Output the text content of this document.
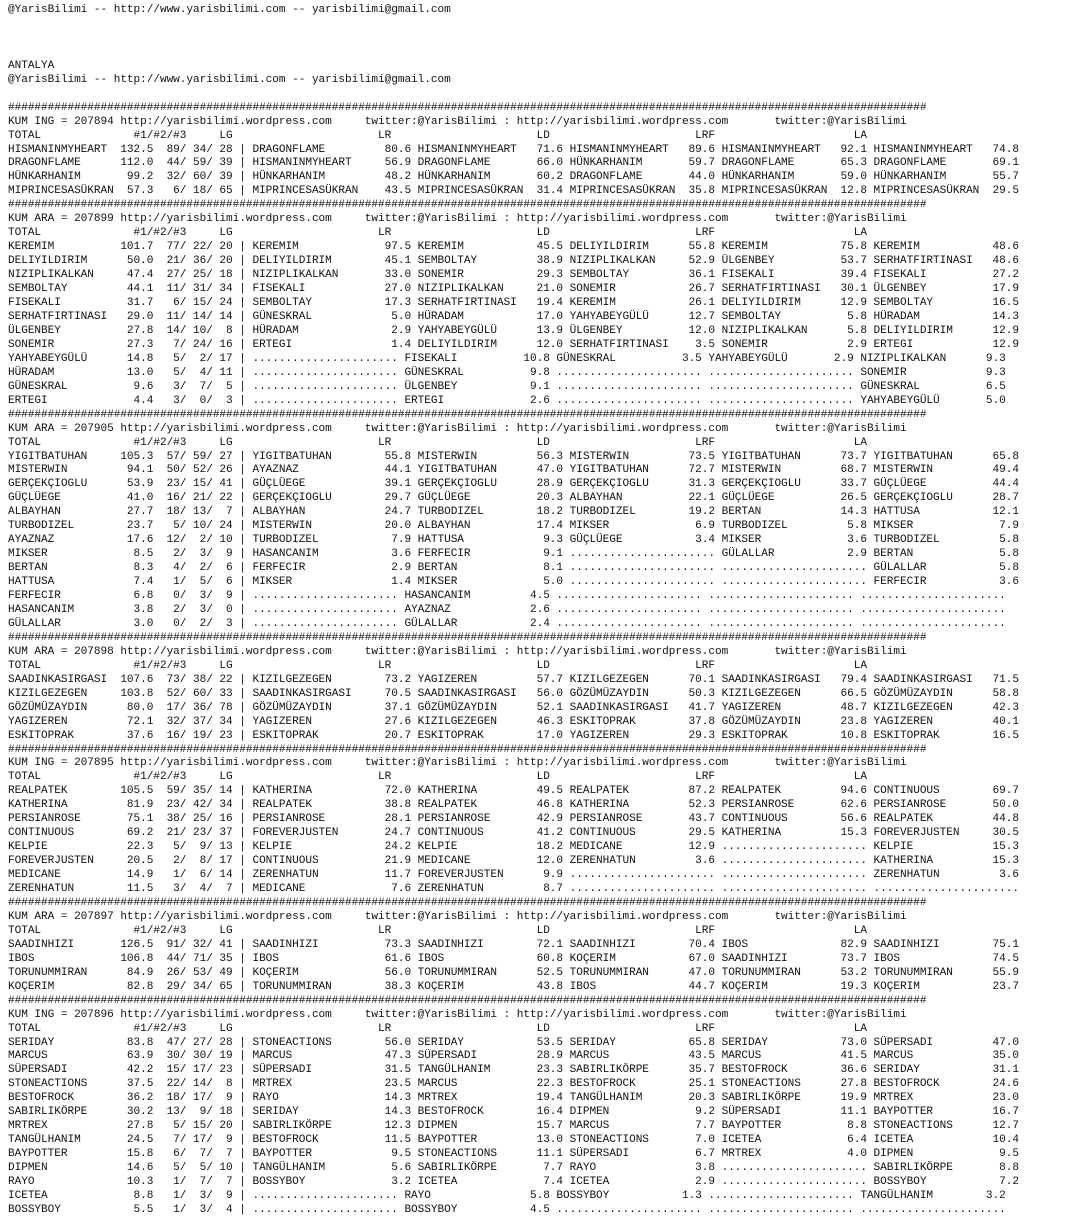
@YarisBilimi -- http://www.yarisbilimi.com -- yarisbilimi@gmail.com

ANTALYA
@YarisBilimi -- http://www.yarisbilimi.com -- yarisbilimi@gmail.com

###########################################################################################################################################
KUM ING = 207894 http://yarisbilimi.wordpress.com     twitter:@YarisBilimi : http://yarisbilimi.wordpress.com       twitter:@YarisBilimi
TOTAL              #1/#2/#3     LG                      LR                      LD                      LRF                     LA
HISMANINMYHEART  132.5  89/ 34/ 28 | DRAGONFLAME         80.6 HISMANINMYHEART   71.6 HISMANINMYHEART   89.6 HISMANINMYHEART   92.1 HISMANINMYHEART   74.8
DRAGONFLAME      112.0  44/ 59/ 39 | HISMANINMYHEART     56.9 DRAGONFLAME       66.0 HÜNKARHANIM       59.7 DRAGONFLAME       65.3 DRAGONFLAME       69.1
HÜNKARHANIM       99.2  32/ 60/ 39 | HÜNKARHANIM         48.2 HÜNKARHANIM       60.2 DRAGONFLAME       44.0 HÜNKARHANIM       59.0 HÜNKARHANIM       55.7
MIPRINCESASÜKRAN  57.3   6/ 18/ 65 | MIPRINCESASÜKRAN    43.5 MIPRINCESASÜKRAN  31.4 MIPRINCESASÜKRAN  35.8 MIPRINCESASÜKRAN  12.8 MIPRINCESASÜKRAN  29.5
###########################################################################################################################################
KUM ARA = 207899 http://yarisbilimi.wordpress.com     twitter:@YarisBilimi : http://yarisbilimi.wordpress.com       twitter:@YarisBilimi
TOTAL              #1/#2/#3     LG                      LR                      LD                      LRF                     LA
KEREMIM          101.7  77/ 22/ 20 | KEREMIM             97.5 KEREMIM           45.5 DELIYILDIRIM      55.8 KEREMIM           75.8 KEREMIM           48.6
DELIYILDIRIM      50.0  21/ 36/ 20 | DELIYILDIRIM        45.1 SEMBOLTAY         38.9 NIZIPLIKALKAN     52.9 ÜLGENBEY          53.7 SERHATFIRTINASI   48.6
NIZIPLIKALKAN     47.4  27/ 25/ 18 | NIZIPLIKALKAN       33.0 SONEMIR           29.3 SEMBOLTAY         36.1 FISEKALI          39.4 FISEKALI          27.2
SEMBOLTAY         44.1  11/ 31/ 34 | FISEKALI            27.0 NIZIPLIKALKAN     21.0 SONEMIR           26.7 SERHATFIRTINASI   30.1 ÜLGENBEY          17.9
FISEKALI          31.7   6/ 15/ 24 | SEMBOLTAY           17.3 SERHATFIRTINASI   19.4 KEREMIM           26.1 DELIYILDIRIM      12.9 SEMBOLTAY         16.5
SERHATFIRTINASI   29.0  11/ 14/ 14 | GÜNESKRAL            5.0 HÜRADAM           17.0 YAHYABEYGÜLÜ      12.7 SEMBOLTAY          5.8 HÜRADAM           14.3
ÜLGENBEY          27.8  14/ 10/  8 | HÜRADAM              2.9 YAHYABEYGÜLÜ      13.9 ÜLGENBEY          12.0 NIZIPLIKALKAN      5.8 DELIYILDIRIM      12.9
SONEMIR           27.3   7/ 24/ 16 | ERTEGI               1.4 DELIYILDIRIM      12.0 SERHATFIRTINASI    3.5 SONEMIR            2.9 ERTEGI            12.9
YAHYABEYGÜLÜ      14.8   5/  2/ 17 | ...................... FISEKALI          10.8 GÜNESKRAL          3.5 YAHYABEYGÜLÜ       2.9 NIZIPLIKALKAN      9.3
HÜRADAM           13.0   5/  4/ 11 | ...................... GÜNESKRAL          9.8 ...................... ...................... SONEMIR            9.3
GÜNESKRAL          9.6   3/  7/  5 | ...................... ÜLGENBEY           9.1 ...................... ...................... GÜNESKRAL          6.5
ERTEGI             4.4   3/  0/  3 | ...................... ERTEGI             2.6 ...................... ...................... YAHYABEYGÜLÜ       5.0
###########################################################################################################################################
KUM ARA = 207905 http://yarisbilimi.wordpress.com     twitter:@YarisBilimi : http://yarisbilimi.wordpress.com       twitter:@YarisBilimi
TOTAL              #1/#2/#3     LG                      LR                      LD                      LRF                     LA
YIGITBATUHAN     105.3  57/ 59/ 27 | YIGITBATUHAN        55.8 MISTERWIN         56.3 MISTERWIN         73.5 YIGITBATUHAN      73.7 YIGITBATUHAN      65.8
MISTERWIN         94.1  50/ 52/ 26 | AYAZNAZ             44.1 YIGITBATUHAN      47.0 YIGITBATUHAN      72.7 MISTERWIN         68.7 MISTERWIN         49.4
GERÇEKÇIOGLU      53.9  23/ 15/ 41 | GÜÇLÜEGE            39.1 GERÇEKÇIOGLU      28.9 GERÇEKÇIOGLU      31.3 GERÇEKÇIOGLU      33.7 GÜÇLÜEGE          44.4
GÜÇLÜEGE          41.0  16/ 21/ 22 | GERÇEKÇIOGLU        29.7 GÜÇLÜEGE          20.3 ALBAYHAN          22.1 GÜÇLÜEGE          26.5 GERÇEKÇIOGLU      28.7
ALBAYHAN          27.7  18/ 13/  7 | ALBAYHAN            24.7 TURBODIZEL        18.2 TURBODIZEL        19.2 BERTAN            14.3 HATTUSA           12.1
TURBODIZEL        23.7   5/ 10/ 24 | MISTERWIN           20.0 ALBAYHAN          17.4 MIKSER             6.9 TURBODIZEL         5.8 MIKSER             7.9
AYAZNAZ           17.6  12/  2/ 10 | TURBODIZEL           7.9 HATTUSA            9.3 GÜÇLÜEGE           3.4 MIKSER             3.6 TURBODIZEL         5.8
MIKSER             8.5   2/  3/  9 | HASANCANIM           3.6 FERFECIR           9.1 ...................... GÜLALLAR           2.9 BERTAN             5.8
BERTAN             8.3   4/  2/  6 | FERFECIR             2.9 BERTAN             8.1 ...................... ...................... GÜLALLAR           5.8
HATTUSA            7.4   1/  5/  6 | MIKSER               1.4 MIKSER             5.0 ...................... ...................... FERFECIR           3.6
FERFECIR           6.8   0/  3/  9 | ...................... HASANCANIM         4.5 ...................... ...................... ......................
HASANCANIM         3.8   2/  3/  0 | ...................... AYAZNAZ            2.6 ...................... ...................... ......................
GÜLALLAR           3.0   0/  2/  3 | ...................... GÜLALLAR           2.4 ...................... ...................... ......................
###########################################################################################################################################
KUM ARA = 207898 http://yarisbilimi.wordpress.com     twitter:@YarisBilimi : http://yarisbilimi.wordpress.com       twitter:@YarisBilimi
TOTAL              #1/#2/#3     LG                      LR                      LD                      LRF                     LA
SAADINKASIRGASI  107.6  73/ 38/ 22 | KIZILGEZEGEN        73.2 YAGIZEREN         57.7 KIZILGEZEGEN      70.1 SAADINKASIRGASI   79.4 SAADINKASIRGASI   71.5
KIZILGEZEGEN     103.8  52/ 60/ 33 | SAADINKASIRGASI     70.5 SAADINKASIRGASI   56.0 GÖZÜMÜZAYDIN      50.3 KIZILGEZEGEN      66.5 GÖZÜMÜZAYDIN      58.8
GÖZÜMÜZAYDIN      80.0  17/ 36/ 78 | GÖZÜMÜZAYDIN        37.1 GÖZÜMÜZAYDIN      52.1 SAADINKASIRGASI   41.7 YAGIZEREN         48.7 KIZILGEZEGEN      42.3
YAGIZEREN         72.1  32/ 37/ 34 | YAGIZEREN           27.6 KIZILGEZEGEN      46.3 ESKITOPRAK        37.8 GÖZÜMÜZAYDIN      23.8 YAGIZEREN         40.1
ESKITOPRAK        37.6  16/ 19/ 23 | ESKITOPRAK          20.7 ESKITOPRAK        17.0 YAGIZEREN         29.3 ESKITOPRAK        10.8 ESKITOPRAK        16.5
###########################################################################################################################################
KUM ING = 207895 http://yarisbilimi.wordpress.com     twitter:@YarisBilimi : http://yarisbilimi.wordpress.com       twitter:@YarisBilimi
TOTAL              #1/#2/#3     LG                      LR                      LD                      LRF                     LA
REALPATEK        105.5  59/ 35/ 14 | KATHERINA           72.0 KATHERINA         49.5 REALPATEK         87.2 REALPATEK         94.6 CONTINUOUS        69.7
KATHERINA         81.9  23/ 42/ 34 | REALPATEK           38.8 REALPATEK         46.8 KATHERINA         52.3 PERSIANROSE       62.6 PERSIANROSE       50.0
PERSIANROSE       75.1  38/ 25/ 16 | PERSIANROSE         28.1 PERSIANROSE       42.9 PERSIANROSE       43.7 CONTINUOUS        56.6 REALPATEK         44.8
CONTINUOUS        69.2  21/ 23/ 37 | FOREVERJUSTEN       24.7 CONTINUOUS        41.2 CONTINUOUS        29.5 KATHERINA         15.3 FOREVERJUSTEN     30.5
KELPIE            22.3   5/  9/ 13 | KELPIE              24.2 KELPIE            18.2 MEDICANE          12.9 ...................... KELPIE            15.3
FOREVERJUSTEN     20.5   2/  8/ 17 | CONTINUOUS          21.9 MEDICANE          12.0 ZERENHATUN         3.6 ...................... KATHERINA         15.3
MEDICANE          14.9   1/  6/ 14 | ZERENHATUN          11.7 FOREVERJUSTEN      9.9 ...................... ...................... ZERENHATUN         3.6
ZERENHATUN        11.5   3/  4/  7 | MEDICANE             7.6 ZERENHATUN         8.7 ...................... ...................... ......................
###########################################################################################################################################
KUM ARA = 207897 http://yarisbilimi.wordpress.com     twitter:@YarisBilimi : http://yarisbilimi.wordpress.com       twitter:@YarisBilimi
TOTAL              #1/#2/#3     LG                      LR                      LD                      LRF                     LA
SAADINHIZI       126.5  91/ 32/ 41 | SAADINHIZI          73.3 SAADINHIZI        72.1 SAADINHIZI        70.4 IBOS              82.9 SAADINHIZI        75.1
IBOS             106.8  44/ 71/ 35 | IBOS                61.6 IBOS              60.8 KOÇERIM           67.0 SAADINHIZI        73.7 IBOS              74.5
TORUNUMMIRAN      84.9  26/ 53/ 49 | KOÇERIM             56.0 TORUNUMMIRAN      52.5 TORUNUMMIRAN      47.0 TORUNUMMIRAN      53.2 TORUNUMMIRAN      55.9
KOÇERIM           82.8  29/ 34/ 65 | TORUNUMMIRAN        38.3 KOÇERIM           43.8 IBOS              44.7 KOÇERIM           19.3 KOÇERIM           23.7
###########################################################################################################################################
KUM ING = 207896 http://yarisbilimi.wordpress.com     twitter:@YarisBilimi : http://yarisbilimi.wordpress.com       twitter:@YarisBilimi
TOTAL              #1/#2/#3     LG                      LR                      LD                      LRF                     LA
SERIDAY           83.8  47/ 27/ 28 | STONEACTIONS        56.0 SERIDAY           53.5 SERIDAY           65.8 SERIDAY           73.0 SÜPERSADI         47.0
MARCUS            63.9  30/ 30/ 19 | MARCUS              47.3 SÜPERSADI         28.9 MARCUS            43.5 MARCUS            41.5 MARCUS            35.0
SÜPERSADI         42.2  15/ 17/ 23 | SÜPERSADI           31.5 TANGÜLHANIM       23.3 SABIRLIKÖRPE      35.7 BESTOFROCK        36.6 SERIDAY           31.1
STONEACTIONS      37.5  22/ 14/  8 | MRTREX              23.5 MARCUS            22.3 BESTOFROCK        25.1 STONEACTIONS      27.8 BESTOFROCK        24.6
BESTOFROCK        36.2  18/ 17/  9 | RAYO                14.3 MRTREX            19.4 TANGÜLHANIM       20.3 SABIRLIKÖRPE      19.9 MRTREX            23.0
SABIRLIKÖRPE      30.2  13/  9/ 18 | SERIDAY             14.3 BESTOFROCK        16.4 DIPMEN             9.2 SÜPERSADI         11.1 BAYPOTTER         16.7
MRTREX            27.8   5/ 15/ 20 | SABIRLIKÖRPE        12.3 DIPMEN            15.7 MARCUS             7.7 BAYPOTTER          8.8 STONEACTIONS      12.7
TANGÜLHANIM       24.5   7/ 17/  9 | BESTOFROCK          11.5 BAYPOTTER         13.0 STONEACTIONS       7.0 ICETEA             6.4 ICETEA            10.4
BAYPOTTER         15.8   6/  7/  7 | BAYPOTTER            9.5 STONEACTIONS      11.1 SÜPERSADI          6.7 MRTREX             4.0 DIPMEN             9.5
DIPMEN            14.6   5/  5/ 10 | TANGÜLHANIM          5.6 SABIRLIKÖRPE       7.7 RAYO               3.8 ...................... SABIRLIKÖRPE       8.8
RAYO              10.3   1/  7/  7 | BOSSYBOY             3.2 ICETEA             7.4 ICETEA             2.9 ...................... BOSSYBOY           7.2
ICETEA             8.8   1/  3/  9 | ...................... RAYO               5.8 BOSSYBOY           1.3 ...................... TANGÜLHANIM        3.2
BOSSYBOY           5.5   1/  3/  4 | ...................... BOSSYBOY           4.5 ...................... ...................... ......................
